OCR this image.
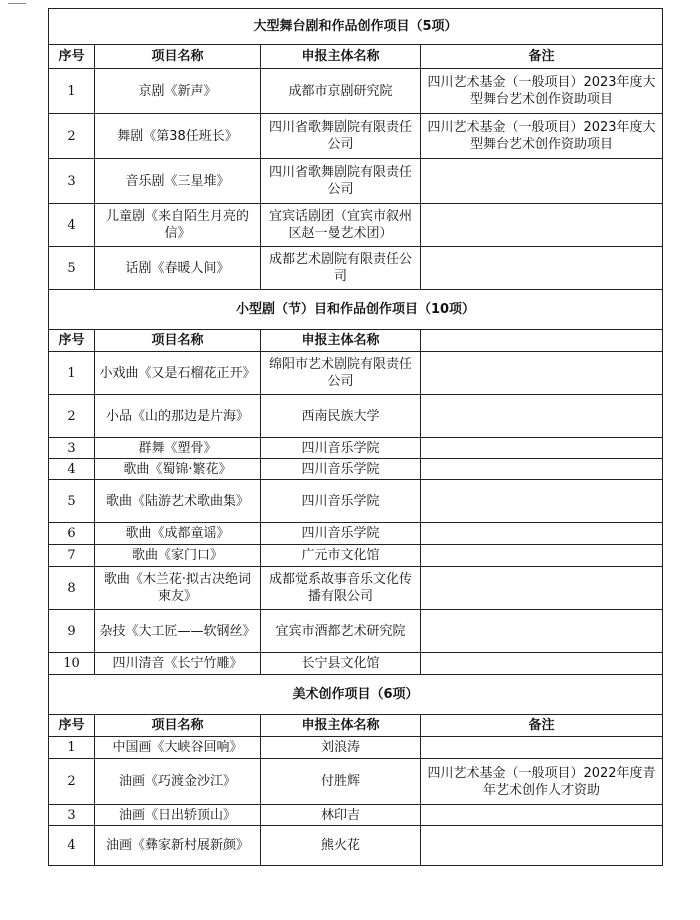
大型舞台剧和作品创作项目（5项）			
序号	项目名称	申报主体名称	备注
1	京剧《新声》	成都市京剧研究院	四川艺术基金（一般项目）2023年度大型舞台艺术创作资助项目
2	舞剧《第38任班长》	四川省歌舞剧院有限责任公司	四川艺术基金（一般项目）2023年度大型舞台艺术创作资助项目
3	音乐剧《三星堆》	四川省歌舞剧院有限责任公司	
4	儿童剧《来自陌生月亮的信》	宜宾话剧团（宜宾市叙州区赵一曼艺术团）	
5	话剧《春暖人间》	成都艺术剧院有限责任公司	
小型剧（节）目和作品创作项目（10项）			
序号	项目名称	申报主体名称	
1	小戏曲《又是石榴花正开》	绵阳市艺术剧院有限责任公司	
2	小品《山的那边是片海》	西南民族大学	
3	群舞《塑骨》	四川音乐学院	
4	歌曲《蜀锦·繁花》	四川音乐学院	
5	歌曲《陆游艺术歌曲集》	四川音乐学院	
6	歌曲《成都童谣》	四川音乐学院	
7	歌曲《家门口》	广元市文化馆	
8	歌曲《木兰花·拟古决绝词柬友》	成都觉系故事音乐文化传播有限公司	
9	杂技《大工匠——软钢丝》	宜宾市酒都艺术研究院	
10	四川清音《长宁竹雕》	长宁县文化馆	
美术创作项目（6项）			
序号	项目名称	申报主体名称	备注
1	中国画《大峡谷回响》	刘浪涛	
2	油画《巧渡金沙江》	付胜辉	四川艺术基金（一般项目）2022年度青年艺术创作人才资助
3	油画《日出轿顶山》	林印吉	
4	油画《彝家新村展新颜》	熊火花	
